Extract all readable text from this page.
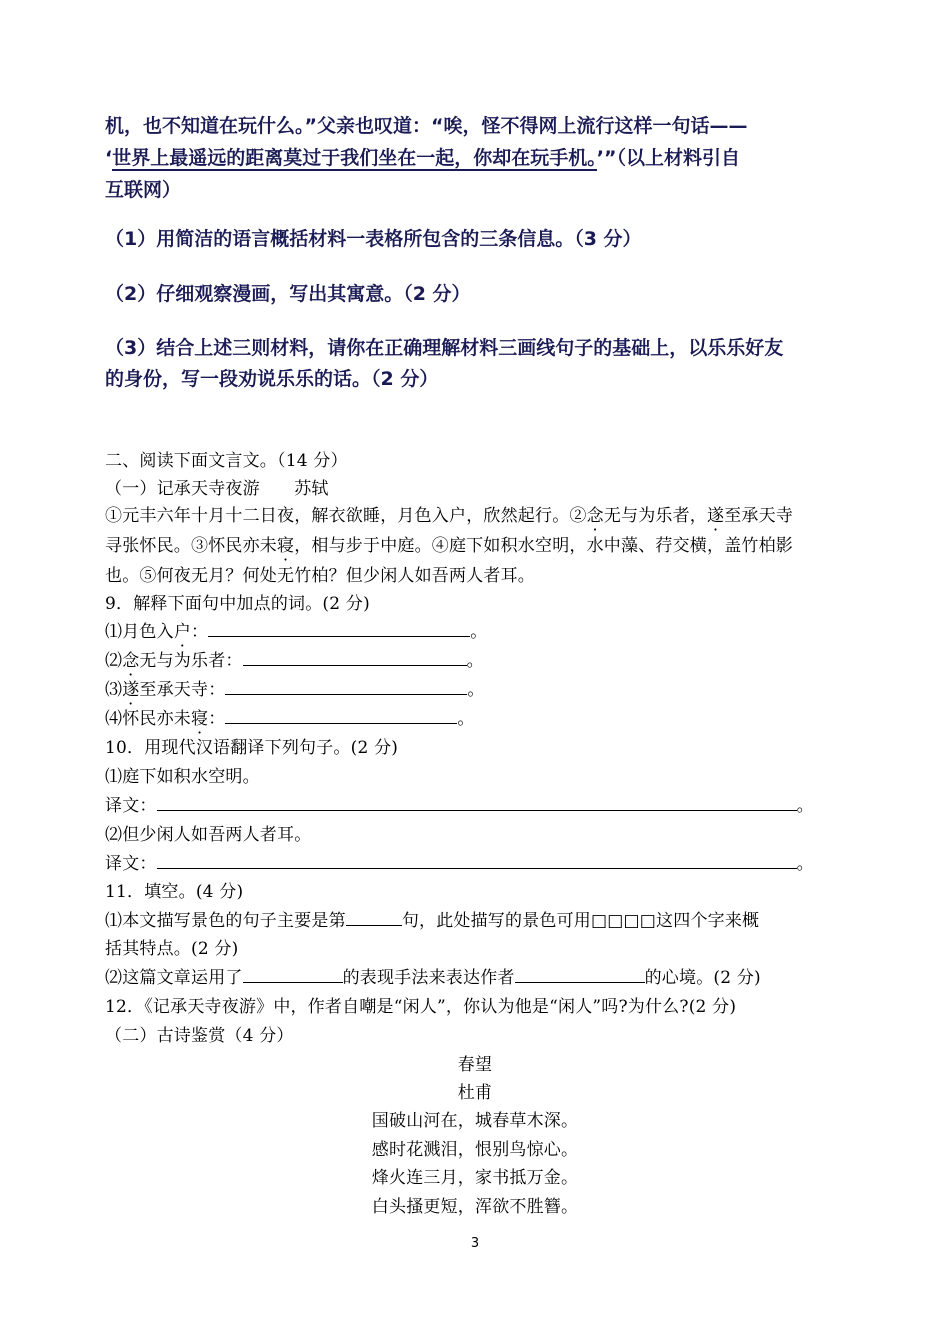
机，也不知道在玩什么。”父亲也叹道：“唉，怪不得网上流行这样一句话——
‘世界上最遥远的距离莫过于我们坐在一起，你却在玩手机。’”（以上材料引自
互联网）
（1）用简洁的语言概括材料一表格所包含的三条信息。（3 分）
（2）仔细观察漫画，写出其寓意。（2 分）
（3）结合上述三则材料，请你在正确理解材料三画线句子的基础上，以乐乐好友
的身份，写一段劝说乐乐的话。（2 分）
二、阅读下面文言文。（14 分）
（一）记承天寺夜游　　苏轼
①元丰六年十月十二日夜，解衣欲睡，月色入户，欣然起行。②念无与为乐者，遂至承天寺
寻张怀民。③怀民亦未寝，相与步于中庭。④庭下如积水空明，水中藻、荇交横，盖竹柏影
也。⑤何夜无月？何处无竹柏？但少闲人如吾两人者耳。
9．解释下面句中加点的词。(2 分)
⑴月色入户：	。
⑵念无与为乐者：	。
⑶遂至承天寺：	。
⑷怀民亦未寝：	。
10．用现代汉语翻译下列句子。(2 分)
⑴庭下如积水空明。
译文：	。
⑵但少闲人如吾两人者耳。
译文：	。
11．填空。(4 分)
⑴本文描写景色的句子主要是第	句，此处描写的景色可用□□□□这四个字来概
括其特点。(2 分)
⑵这篇文章运用了	的表现手法来表达作者	的心境。(2 分)
12．《记承天寺夜游》中，作者自嘲是“闲人”，你认为他是“闲人”吗?为什么?(2 分)
（二）古诗鉴赏（4 分）
春望
杜甫
国破山河在，城春草木深。
感时花溅泪，恨别鸟惊心。
烽火连三月，家书抵万金。
白头搔更短，浑欲不胜簪。
3
